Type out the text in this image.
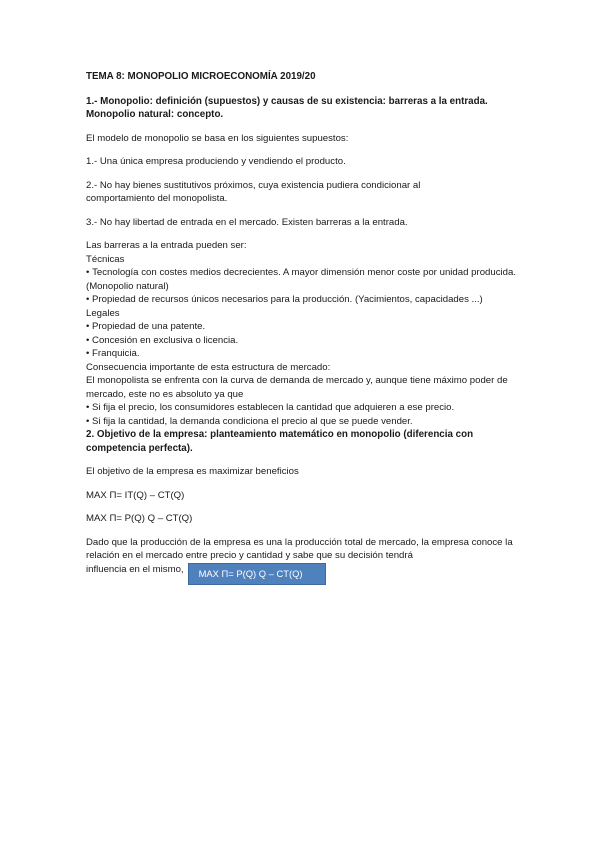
TEMA 8: MONOPOLIO MICROECONOMÍA 2019/20
1.- Monopolio: definición (supuestos) y causas de su existencia: barreras a la entrada.
Monopolio natural: concepto.
El modelo de monopolio se basa en los siguientes supuestos:
1.- Una única empresa produciendo y vendiendo el producto.
2.- No hay bienes sustitutivos próximos, cuya existencia pudiera condicionar al comportamiento del monopolista.
3.- No hay libertad de entrada en el mercado. Existen barreras a la entrada.
Las barreras a la entrada pueden ser:
Técnicas
• Tecnología con costes medios decrecientes. A mayor dimensión menor coste por unidad producida. (Monopolio natural)
• Propiedad de recursos únicos necesarios para la producción. (Yacimientos, capacidades ...)
Legales
• Propiedad de una patente.
• Concesión en exclusiva o licencia.
• Franquicia.
Consecuencia importante de esta estructura de mercado:
El monopolista se enfrenta con la curva de demanda de mercado y, aunque tiene máximo poder de mercado, este no es absoluto ya que
• Si fija el precio, los consumidores establecen la cantidad que adquieren a ese precio.
• Si fija la cantidad, la demanda condiciona el precio al que se puede vender.
2. Objetivo de la empresa: planteamiento matemático en monopolio (diferencia con
competencia perfecta).
El objetivo de la empresa es maximizar beneficios
MAX Π= IT(Q) – CT(Q)
MAX Π= P(Q) Q – CT(Q)
Dado que la producción de la empresa es una la producción total de mercado, la empresa conoce la relación en el mercado entre precio y cantidad y sabe que su decisión tendrá
influencia en el mismo, MAX Π= P(Q) Q – CT(Q)
